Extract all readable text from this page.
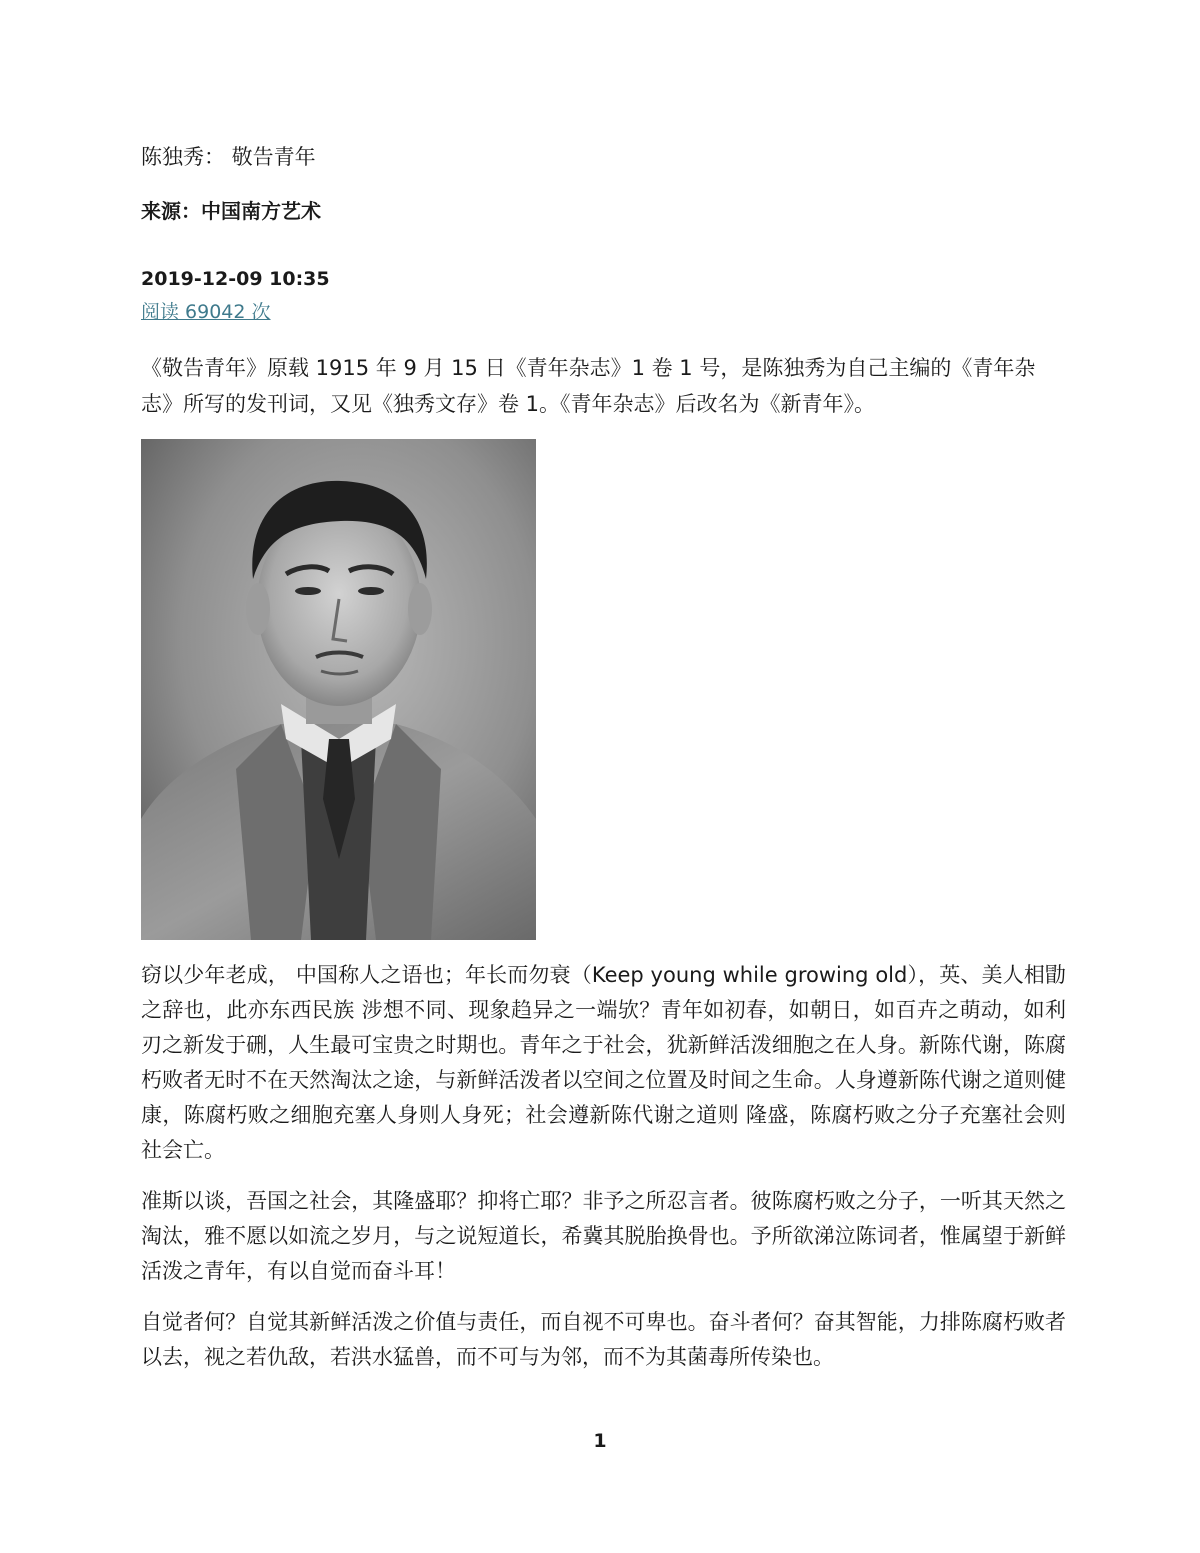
陈独秀： 敬告青年
来源：中国南方艺术
2019-12-09 10:35
阅读 69042 次
《敬告青年》原载 1915 年 9 月 15 日《青年杂志》1 卷 1 号，是陈独秀为自己主编的《青年杂志》所写的发刊词，又见《独秀文存》卷 1。《青年杂志》后改名为《新青年》。

窃以少年老成， 中国称人之语也；年长而勿衰（Keep young while growing old），英、美人相勖之辞也，此亦东西民族 涉想不同、现象趋异之一端欤？青年如初春，如朝日，如百卉之萌动，如利刃之新发于硎，人生最可宝贵之时期也。青年之于社会，犹新鲜活泼细胞之在人身。新陈代谢，陈腐朽败者无时不在天然淘汰之途，与新鲜活泼者以空间之位置及时间之生命。人身遵新陈代谢之道则健康，陈腐朽败之细胞充塞人身则人身死；社会遵新陈代谢之道则 隆盛，陈腐朽败之分子充塞社会则社会亡。

准斯以谈，吾国之社会，其隆盛耶？抑将亡耶？非予之所忍言者。彼陈腐朽败之分子，一听其天然之淘汰，雅不愿以如流之岁月，与之说短道长，希冀其脱胎换骨也。予所欲涕泣陈词者，惟属望于新鲜活泼之青年，有以自觉而奋斗耳！

自觉者何？自觉其新鲜活泼之价值与责任，而自视不可卑也。奋斗者何？奋其智能，力排陈腐朽败者以去，视之若仇敌，若洪水猛兽，而不可与为邻，而不为其菌毒所传染也。

1
